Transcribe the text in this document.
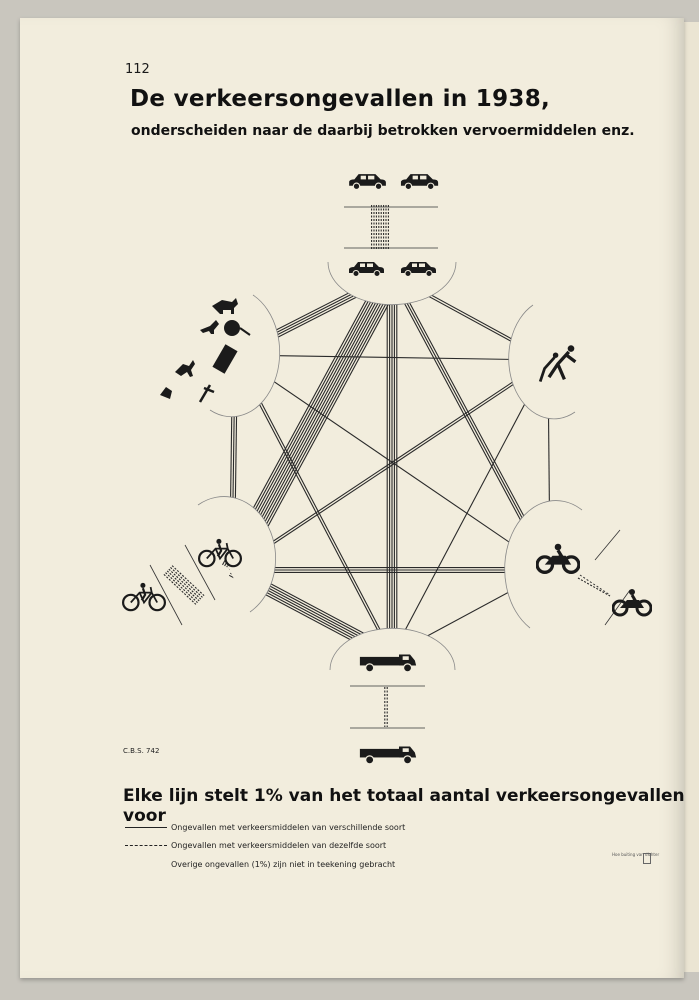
112
De verkeersongevallen in 1938,
onderscheiden naar de daarbij betrokken vervoermiddelen enz.
C.B.S. 742
Elke lijn stelt 1% van het totaal aantal verkeersongevallen voor
Ongevallen met verkeersmiddelen van verschillende soort
Ongevallen met verkeersmiddelen van dezelfde soort
Overige ongevallen (1%) zijn niet in teekening gebracht
Hoe buiting van dichter
